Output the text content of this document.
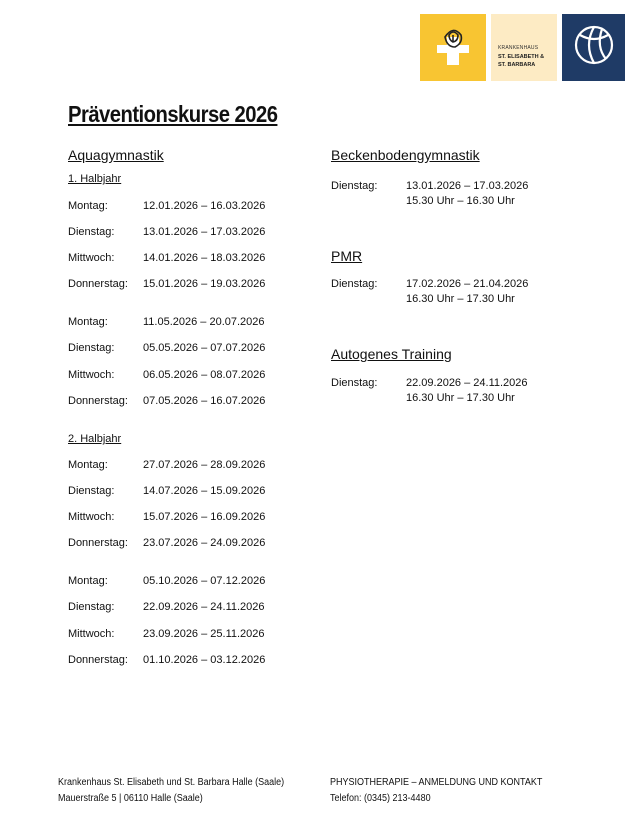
KRANKENHAUS
ST. ELISABETH &
ST. BARBARA
Präventionskurse 2026
Aquagymnastik
1. Halbjahr
Montag:	12.01.2026 – 16.03.2026
Dienstag:	13.01.2026 – 17.03.2026
Mittwoch:	14.01.2026 – 18.03.2026
Donnerstag: 15.01.2026 – 19.03.2026
Montag:	11.05.2026 – 20.07.2026
Dienstag:	05.05.2026 – 07.07.2026
Mittwoch:	06.05.2026 – 08.07.2026
Donnerstag: 07.05.2026 – 16.07.2026
2. Halbjahr
Montag:	27.07.2026 – 28.09.2026
Dienstag:	14.07.2026 – 15.09.2026
Mittwoch:	15.07.2026 – 16.09.2026
Donnerstag: 23.07.2026 – 24.09.2026
Montag:	05.10.2026 – 07.12.2026
Dienstag:	22.09.2026 – 24.11.2026
Mittwoch:	23.09.2026 – 25.11.2026
Donnerstag: 01.10.2026 – 03.12.2026
Beckenbodengymnastik
Dienstag:	13.01.2026 – 17.03.2026
15.30 Uhr – 16.30 Uhr
PMR
Dienstag:	17.02.2026 – 21.04.2026
16.30 Uhr – 17.30 Uhr
Autogenes Training
Dienstag:	22.09.2026 – 24.11.2026
16.30 Uhr – 17.30 Uhr
Krankenhaus St. Elisabeth und St. Barbara Halle (Saale)
Mauerstraße 5 | 06110 Halle (Saale)
PHYSIOTHERAPIE – ANMELDUNG UND KONTAKT
Telefon: (0345) 213-4480
